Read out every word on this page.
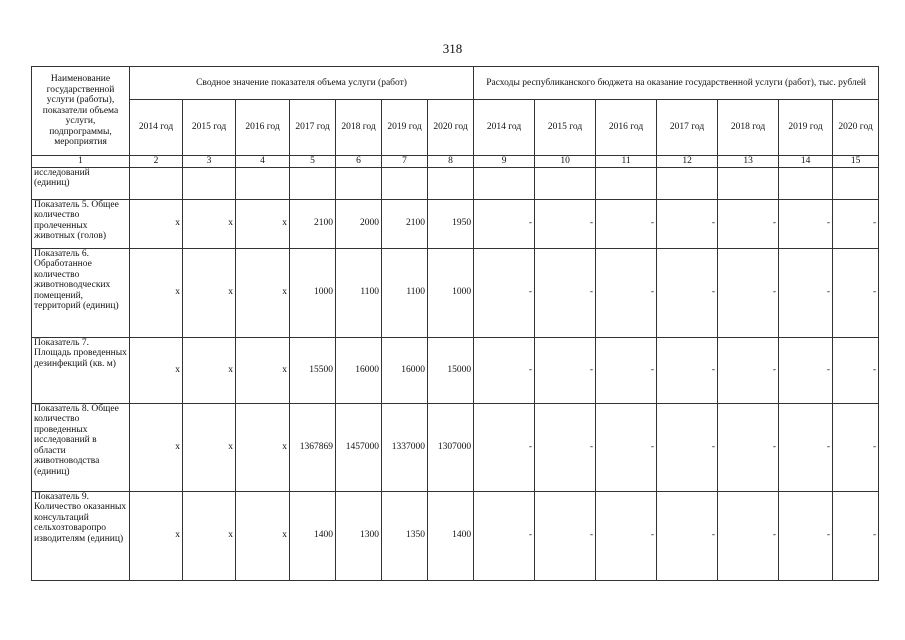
318
Наименование государственной услуги (работы), показатели объема услуги, подпрограммы, мероприятия	Сводное значение показателя объема услуги (работ)							Расходы республиканского бюджета на оказание государственной услуги (работ), тыс. рублей						
	2014 год	2015 год	2016 год	2017 год	2018 год	2019 год	2020 год	2014 год	2015 год	2016 год	2017 год	2018 год	2019 год	2020 год
1	2	3	4	5	6	7	8	9	10	11	12	13	14	15
исследований (единиц)														
Показатель 5. Общее количество пролеченных животных (голов)	x	x	x	2100	2000	2100	1950	-	-	-	-	-	-	-
Показатель 6. Обработанное количество животноводческих помещений, территорий (единиц)	x	x	x	1000	1100	1100	1000	-	-	-	-	-	-	-
Показатель 7. Площадь проведенных дезинфекций (кв. м)	x	x	x	15500	16000	16000	15000	-	-	-	-	-	-	-
Показатель 8. Общее количество проведенных исследований в области животноводства (единиц)	x	x	x	1367869	1457000	1337000	1307000	-	-	-	-	-	-	-
Показатель 9. Количество оказанных консультаций сельхозтоваропро изводителям (единиц)	x	x	x	1400	1300	1350	1400	-	-	-	-	-	-	-
